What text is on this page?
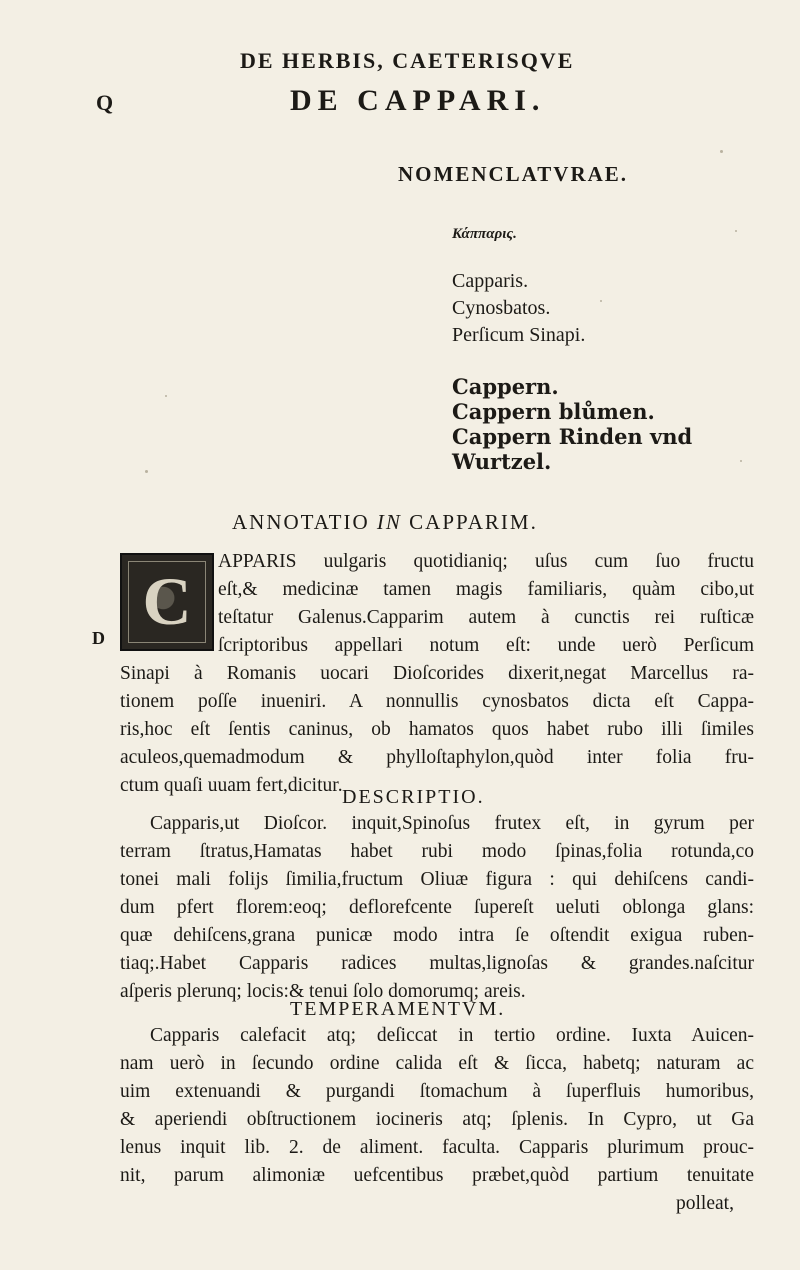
DE HERBIS, CAETERISQVE
Q	DE CAPPARI.
NOMENCLATVRAE.
Κάππαρις.
Capparis.
Cynosbatos.
Perſicum Sinapi.
Cappern.
Cappern blůmen.
Cappern Rinden vnd
Wurtzel.
ANNOTATIO IN CAPPARIM.
C
D
APPARIS uulgaris quotidianiq; uſus cum ſuo fructu
eſt,& medicinæ tamen magis familiaris, quàm cibo,ut
teſtatur Galenus.Capparim autem à cunctis rei ruſticæ
ſcriptoribus appellari notum eſt: unde uerò Perſicum
Sinapi à Romanis uocari Dioſcorides dixerit,negat Marcellus ra-
tionem poſſe inueniri. A nonnullis cynosbatos dicta eſt Cappa-
ris,hoc eſt ſentis caninus, ob hamatos quos habet rubo illi ſimiles
aculeos,quemadmodum & phylloſtaphylon,quòd inter folia fru-
ctum quaſi uuam fert,dicitur.
DESCRIPTIO.
Capparis,ut Dioſcor. inquit,Spinoſus frutex eſt, in gyrum per
terram ſtratus,Hamatas habet rubi modo ſpinas,folia rotunda,co
tonei mali folijs ſimilia,fructum Oliuæ figura : qui dehiſcens candi-
dum pfert florem:eoq; deflorefcente ſupereſt ueluti oblonga glans:
quæ dehiſcens,grana punicæ modo intra ſe oſtendit exigua ruben-
tiaq;.Habet Capparis radices multas,lignoſas & grandes.naſcitur
aſperis plerunq; locis:& tenui ſolo domorumq; areis.
TEMPERAMENTVM.
Capparis calefacit atq; deſiccat in tertio ordine. Iuxta Auicen-
nam uerò in ſecundo ordine calida eſt & ſicca, habetq; naturam ac
uim extenuandi & purgandi ſtomachum à ſuperfluis humoribus,
& aperiendi obſtructionem iocineris atq; ſplenis. In Cypro, ut Ga
lenus inquit lib. 2. de aliment. faculta. Capparis plurimum prouc-
nit, parum alimoniæ uefcentibus præbet,quòd partium tenuitate
polleat,
